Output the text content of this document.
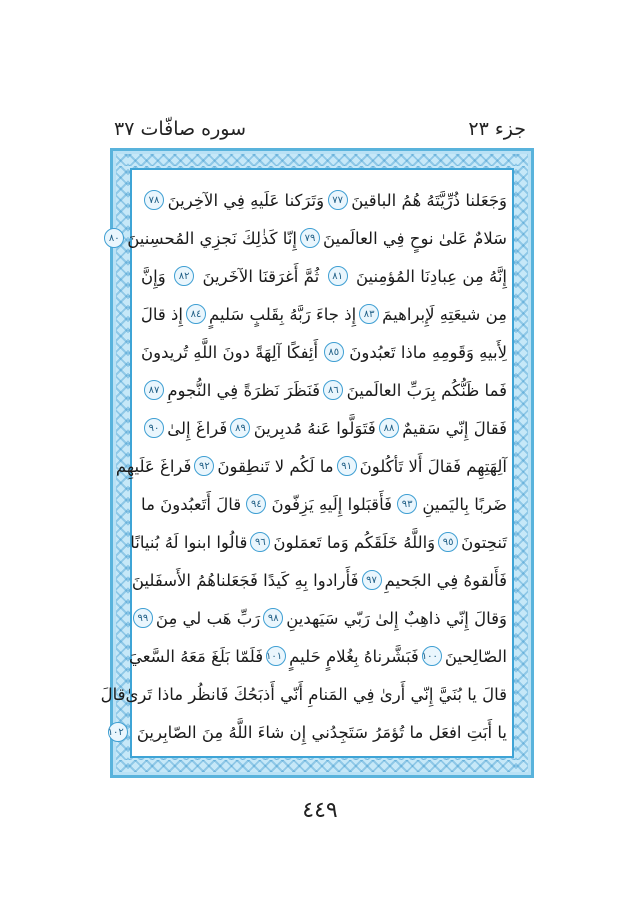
جزء ٢٣
سوره صافّات ٣٧
وَجَعَلنا ذُرِّيَّتَهُ هُمُ الباقينَ
٧٧
وَتَرَكنا عَلَيهِ فِي الآخِرينَ
٧٨
سَلامٌ عَلىٰ نوحٍ فِي العالَمينَ
٧٩
إِنّا كَذٰلِكَ نَجزِي المُحسِنينَ
٨٠
إِنَّهُ مِن عِبادِنَا المُؤمِنينَ
٨١
ثُمَّ أَغرَقنَا الآخَرينَ
٨٢
وَإِنَّ
مِن شيعَتِهِ لَإِبراهيمَ
٨٣
إِذ جاءَ رَبَّهُ بِقَلبٍ سَليمٍ
٨٤
إِذ قالَ
لِأَبيهِ وَقَومِهِ ماذا تَعبُدونَ
٨٥
أَئِفكًا آلِهَةً دونَ اللَّهِ تُريدونَ
فَما ظَنُّكُم بِرَبِّ العالَمينَ
٨٦
فَنَظَرَ نَظرَةً فِي النُّجومِ
٨٧
فَقالَ إِنّي سَقيمٌ
٨٨
فَتَوَلَّوا عَنهُ مُدبِرينَ
٨٩
فَراغَ إِلىٰ
٩٠
آلِهَتِهِم فَقالَ أَلا تَأكُلونَ
٩١
ما لَكُم لا تَنطِقونَ
٩٢
فَراغَ عَلَيهِم
ضَربًا بِاليَمينِ
٩٣
فَأَقبَلوا إِلَيهِ يَزِفّونَ
٩٤
قالَ أَتَعبُدونَ ما
تَنحِتونَ
٩٥
وَاللَّهُ خَلَقَكُم وَما تَعمَلونَ
٩٦
قالُوا ابنوا لَهُ بُنيانًا
فَأَلقوهُ فِي الجَحيمِ
٩٧
فَأَرادوا بِهِ كَيدًا فَجَعَلناهُمُ الأَسفَلينَ
وَقالَ إِنّي ذاهِبٌ إِلىٰ رَبّي سَيَهدينِ
٩٨
رَبِّ هَب لي مِنَ
٩٩
الصّالِحينَ
١٠٠
فَبَشَّرناهُ بِغُلامٍ حَليمٍ
١٠١
فَلَمّا بَلَغَ مَعَهُ السَّعيَ
قالَ يا بُنَيَّ إِنّي أَرىٰ فِي المَنامِ أَنّي أَذبَحُكَ فَانظُر ماذا تَرىٰ
قالَ
يا أَبَتِ افعَل ما تُؤمَرُ سَتَجِدُني إِن شاءَ اللَّهُ مِنَ الصّابِرينَ
١٠٢
٤٤٩
